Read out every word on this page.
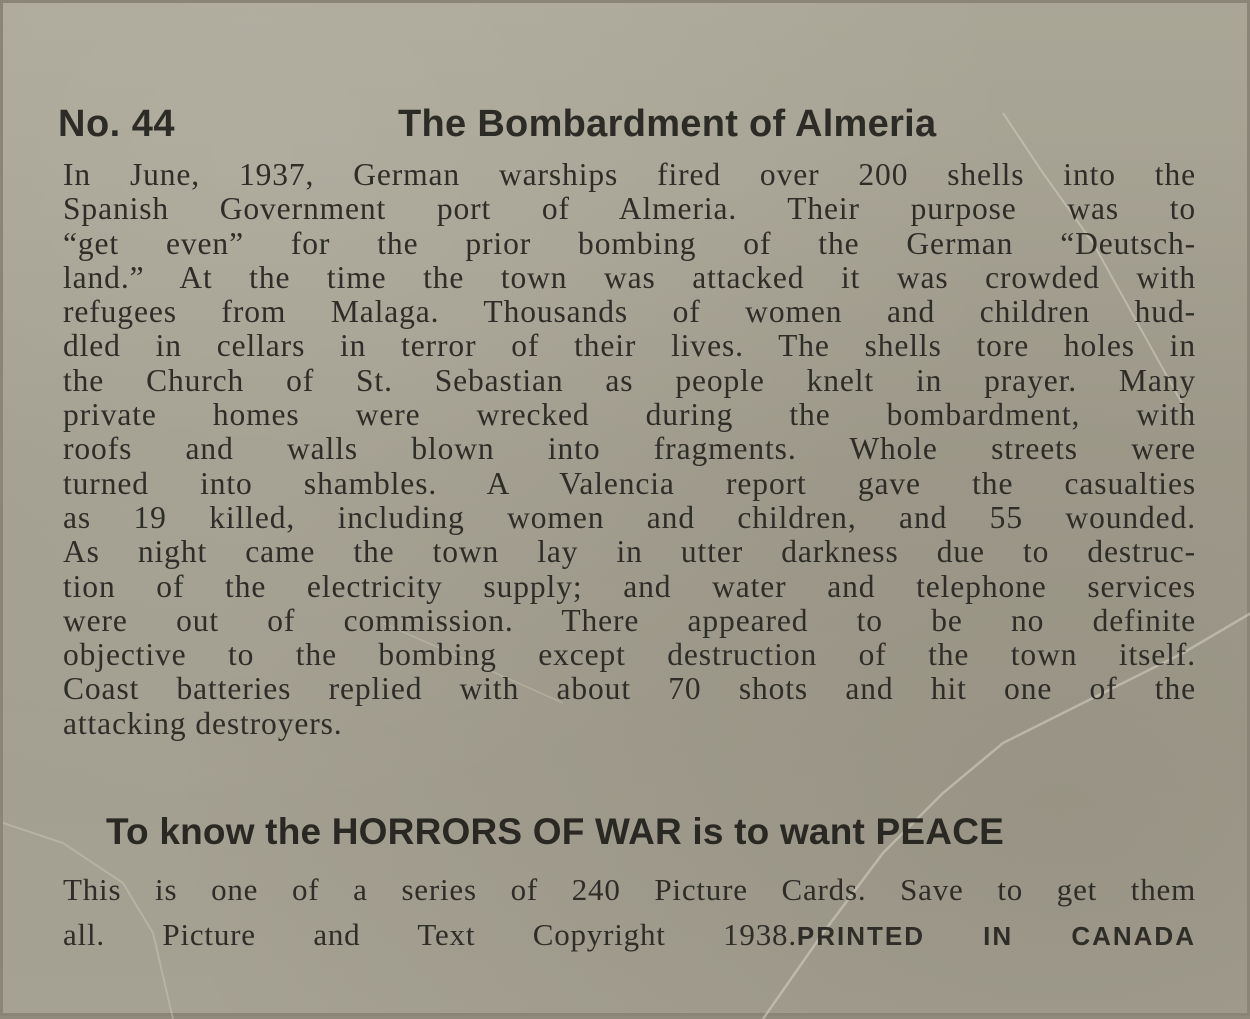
No. 44	The Bombardment of Almeria
In June, 1937, German warships fired over 200 shells into the
Spanish Government port of Almeria. Their purpose was to
“get even” for the prior bombing of the German “Deutsch-
land.” At the time the town was attacked it was crowded with
refugees from Malaga. Thousands of women and children hud-
dled in cellars in terror of their lives. The shells tore holes in
the Church of St. Sebastian as people knelt in prayer. Many
private homes were wrecked during the bombardment, with
roofs and walls blown into fragments. Whole streets were
turned into shambles. A Valencia report gave the casualties
as 19 killed, including women and children, and 55 wounded.
As night came the town lay in utter darkness due to destruc-
tion of the electricity supply; and water and telephone services
were out of commission. There appeared to be no definite
objective to the bombing except destruction of the town itself.
Coast batteries replied with about 70 shots and hit one of the
attacking destroyers.
To know the HORRORS OF WAR is to want PEACE
This is one of a series of 240 Picture Cards. Save to get them
all. Picture and Text Copyright 1938.PRINTED IN CANADA
